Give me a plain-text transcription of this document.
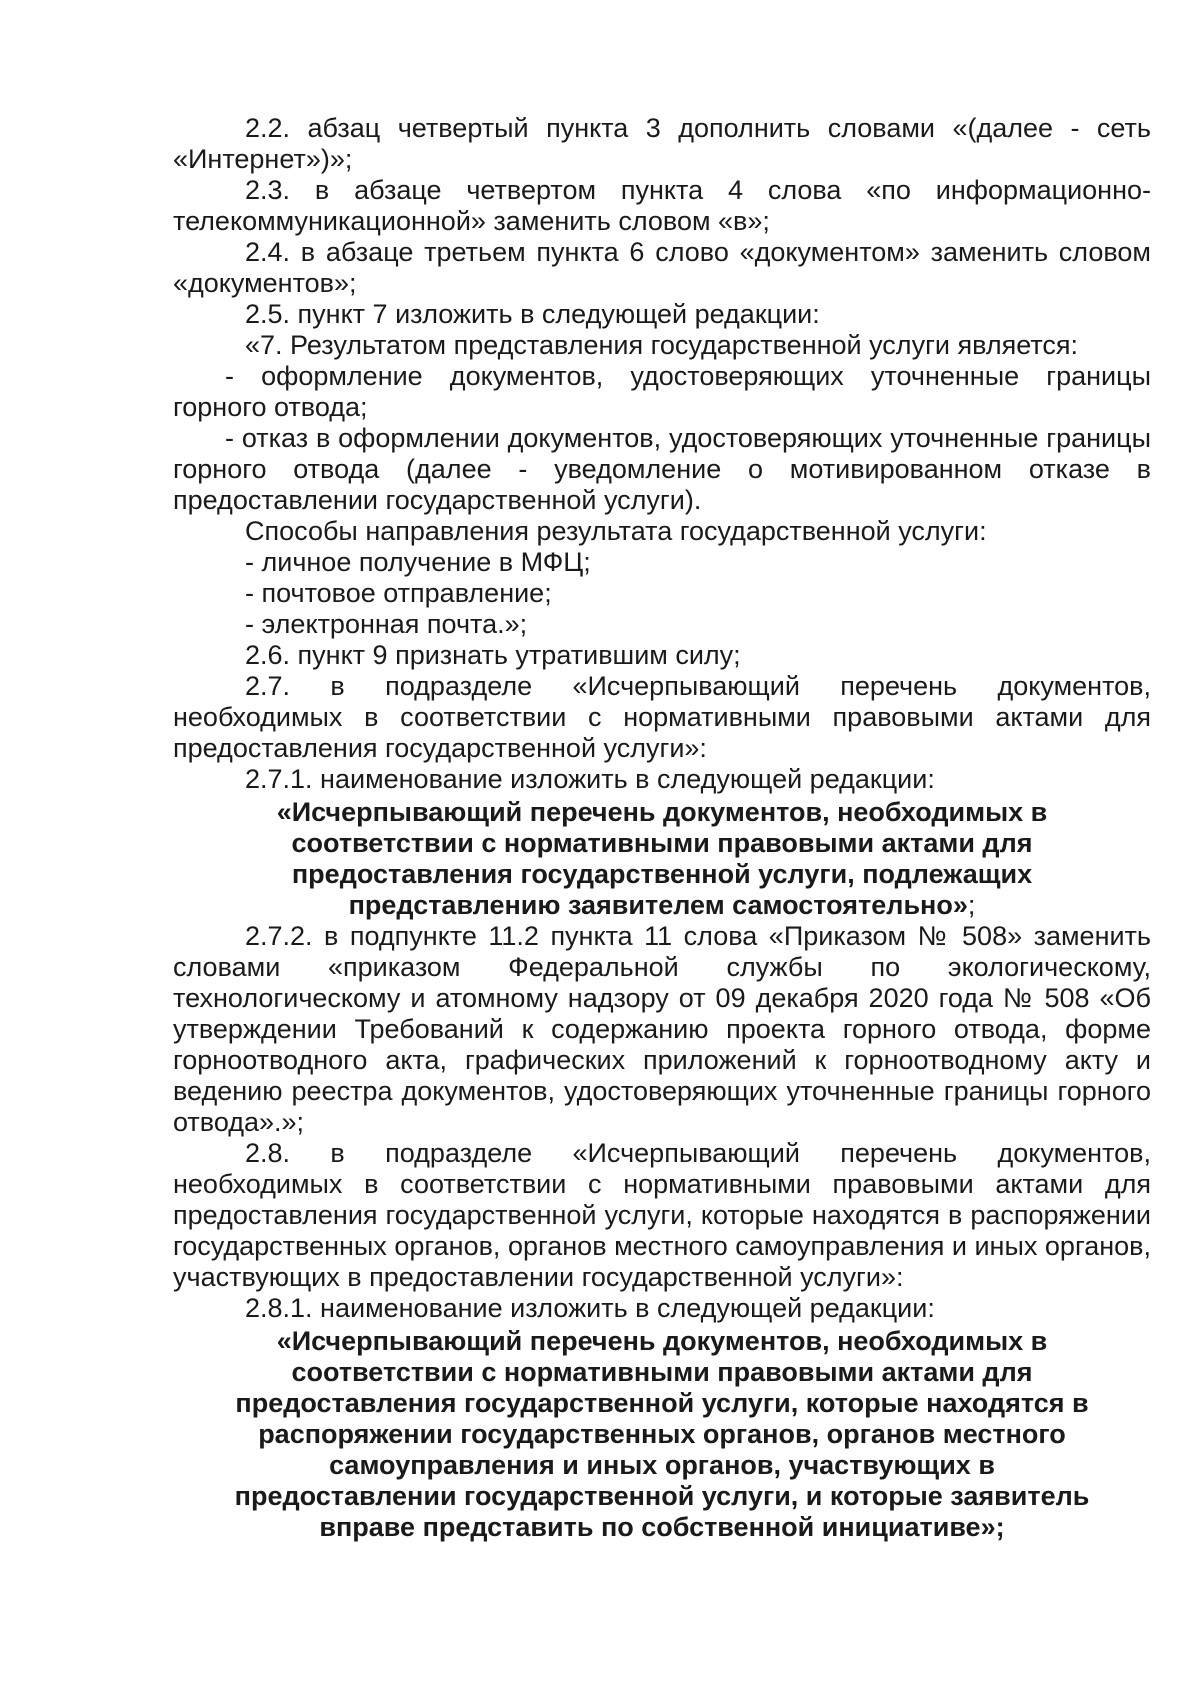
2.2. абзац четвертый пункта 3 дополнить словами «(далее - сеть «Интернет»)»;

2.3. в абзаце четвертом пункта 4 слова «по информационно-телекоммуникационной» заменить словом «в»;

2.4. в абзаце третьем пункта 6 слово «документом» заменить словом «документов»;

2.5. пункт 7 изложить в следующей редакции:

«7. Результатом представления государственной услуги является:

- оформление документов, удостоверяющих уточненные границы горного отвода;

- отказ в оформлении документов, удостоверяющих уточненные границы горного отвода (далее - уведомление о мотивированном отказе в предоставлении государственной услуги).

Способы направления результата государственной услуги:

- личное получение в МФЦ;

- почтовое отправление;

- электронная почта.»;

2.6. пункт 9 признать утратившим силу;

2.7. в подразделе «Исчерпывающий перечень документов, необходимых в соответствии с нормативными правовыми актами для предоставления государственной услуги»:

2.7.1. наименование изложить в следующей редакции:

«Исчерпывающий перечень документов, необходимых в соответствии с нормативными правовыми актами для предоставления государственной услуги, подлежащих представлению заявителем самостоятельно»;

2.7.2. в подпункте 11.2 пункта 11 слова «Приказом № 508» заменить словами «приказом Федеральной службы по экологическому, технологическому и атомному надзору от 09 декабря 2020 года № 508 «Об утверждении Требований к содержанию проекта горного отвода, форме горноотводного акта, графических приложений к горноотводному акту и ведению реестра документов, удостоверяющих уточненные границы горного отвода».»;

2.8. в подразделе «Исчерпывающий перечень документов, необходимых в соответствии с нормативными правовыми актами для предоставления государственной услуги, которые находятся в распоряжении государственных органов, органов местного самоуправления и иных органов, участвующих в предоставлении государственной услуги»:

2.8.1. наименование изложить в следующей редакции:

«Исчерпывающий перечень документов, необходимых в соответствии с нормативными правовыми актами для предоставления государственной услуги, которые находятся в распоряжении государственных органов, органов местного самоуправления и иных органов, участвующих в предоставлении государственной услуги, и которые заявитель вправе представить по собственной инициативе»;
